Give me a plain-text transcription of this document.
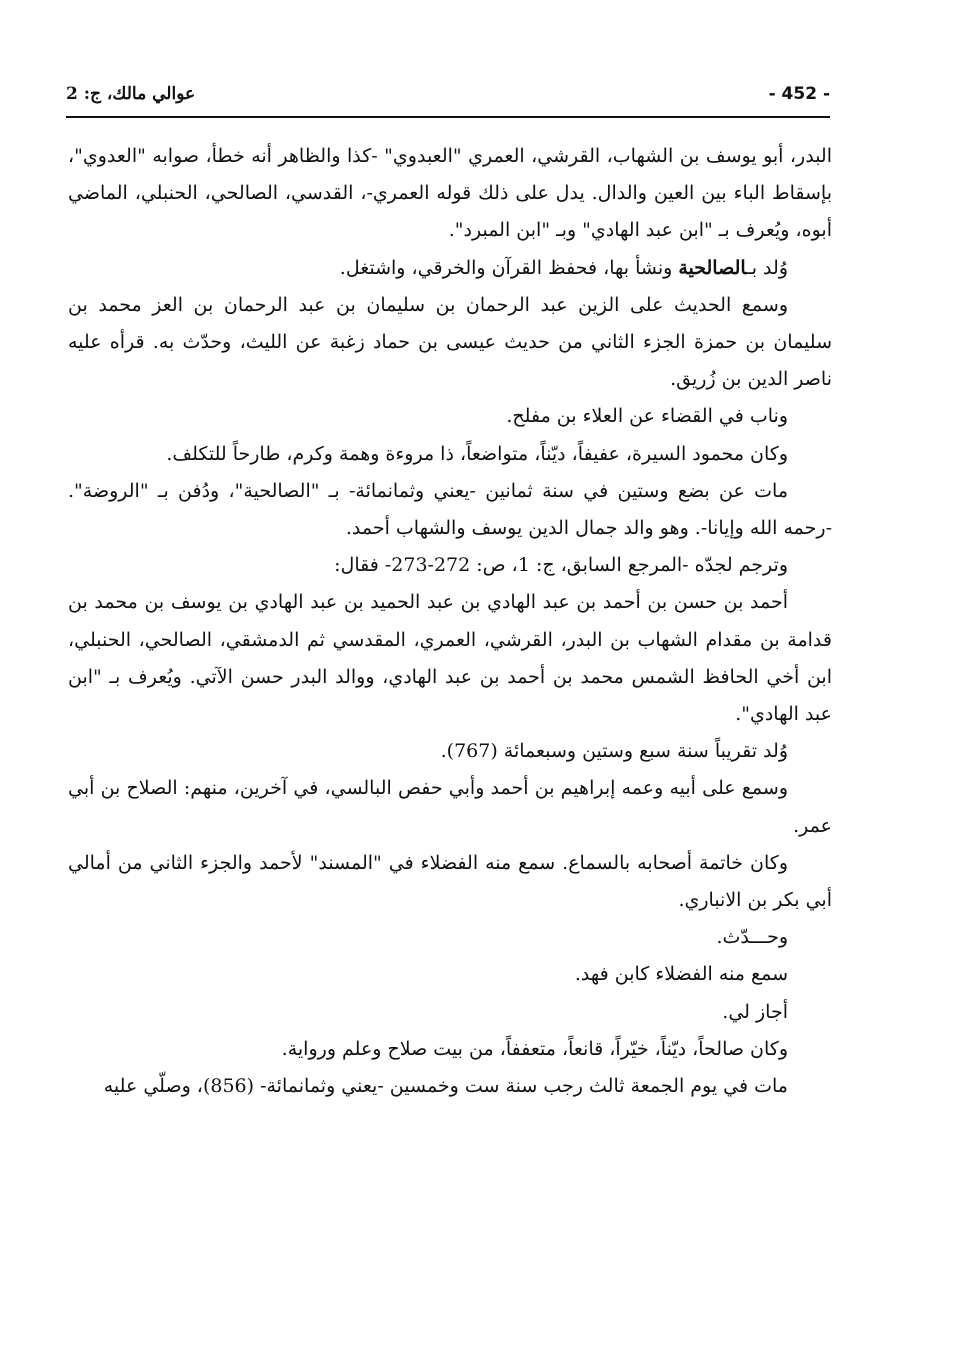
- 452 -
عوالي مالك، ج: 2

البدر، أبو يوسف بن الشهاب، القرشي، العمري "العبدوي" -كذا والظاهر أنه خطأ، صوابه "العدوي"، بإسقاط الباء بين العين والدال. يدل على ذلك قوله العمري-، القدسي، الصالحي، الحنبلي، الماضي أبوه، ويُعرف بـ "ابن عبد الهادي" وبـ "ابن المبرد".

وُلد بـالصالحية ونشأ بها، فحفظ القرآن والخرقي، واشتغل.

وسمع الحديث على الزين عبد الرحمان بن سليمان بن عبد الرحمان بن العز محمد بن سليمان بن حمزة الجزء الثاني من حديث عيسى بن حماد زغبة عن الليث، وحدّث به. قرأه عليه ناصر الدين بن زُريق.

وناب في القضاء عن العلاء بن مفلح.

وكان محمود السيرة، عفيفاً، ديّناً، متواضعاً، ذا مروءة وهمة وكرم، طارحاً للتكلف.

مات عن بضع وستين في سنة ثمانين -يعني وثمانمائة- بـ "الصالحية"، ودُفن بـ "الروضة". -رحمه الله وإيانا-. وهو والد جمال الدين يوسف والشهاب أحمد.

وترجم لجدّه -المرجع السابق، ج: 1، ص: 272-273- فقال:

أحمد بن حسن بن أحمد بن عبد الهادي بن عبد الحميد بن عبد الهادي بن يوسف بن محمد بن قدامة بن مقدام الشهاب بن البدر، القرشي، العمري، المقدسي ثم الدمشقي، الصالحي، الحنبلي، ابن أخي الحافظ الشمس محمد بن أحمد بن عبد الهادي، ووالد البدر حسن الآتي. ويُعرف بـ "ابن عبد الهادي".

وُلد تقريباً سنة سبع وستين وسبعمائة (767).

وسمع على أبيه وعمه إبراهيم بن أحمد وأبي حفص البالسي، في آخرين، منهم: الصلاح بن أبي عمر.

وكان خاتمة أصحابه بالسماع. سمع منه الفضلاء في "المسند" لأحمد والجزء الثاني من أمالي أبي بكر بن الانباري.

وحـــدّث.

سمع منه الفضلاء كابن فهد.

أجاز لي.

وكان صالحاً، ديّناً، خيّراً، قانعاً، متعففاً، من بيت صلاح وعلم ورواية.

مات في يوم الجمعة ثالث رجب سنة ست وخمسين -يعني وثمانمائة- (856)، وصلّي عليه
